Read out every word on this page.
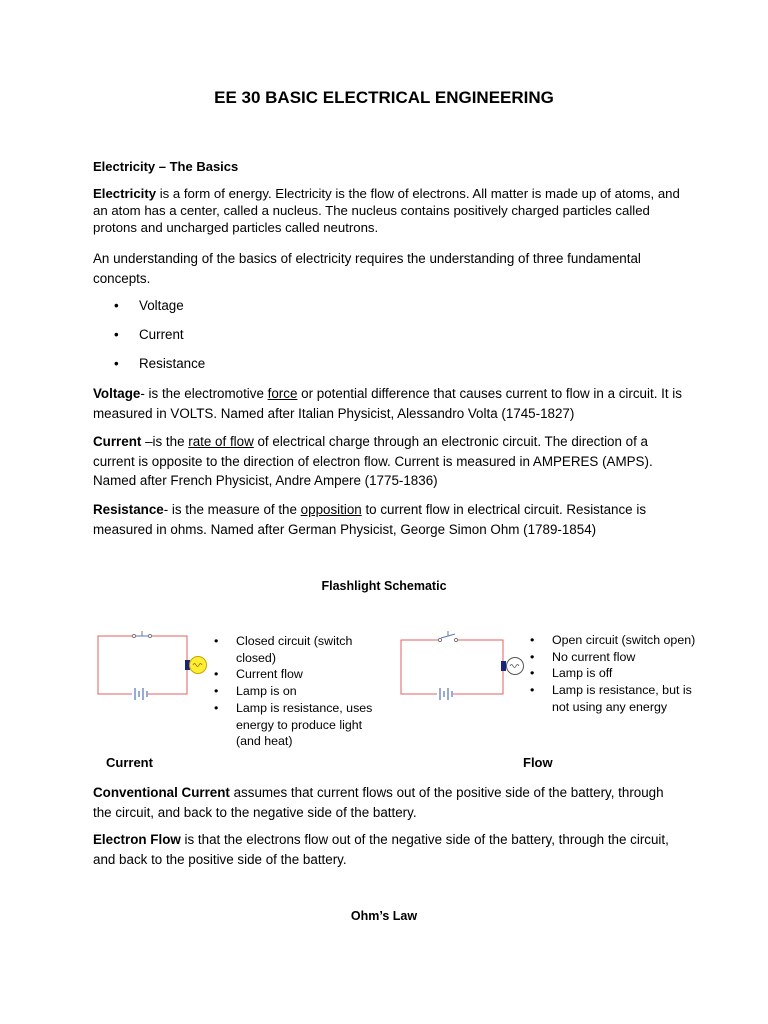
EE 30 BASIC ELECTRICAL ENGINEERING
Electricity – The Basics
Electricity is a form of energy. Electricity is the flow of electrons. All matter is made up of atoms, and an atom has a center, called a nucleus. The nucleus contains positively charged particles called protons and uncharged particles called neutrons.
An understanding of the basics of electricity requires the understanding of three fundamental concepts.
• Voltage
• Current
• Resistance
Voltage- is the electromotive force or potential difference that causes current to flow in a circuit. It is measured in VOLTS. Named after Italian Physicist, Alessandro Volta (1745-1827)
Current –is the rate of flow of electrical charge through an electronic circuit. The direction of a current is opposite to the direction of electron flow. Current is measured in AMPERES (AMPS). Named after French Physicist, Andre Ampere (1775-1836)
Resistance- is the measure of the opposition to current flow in electrical circuit. Resistance is measured in ohms. Named after German Physicist, George Simon Ohm (1789-1854)
Flashlight Schematic
• Closed circuit (switch closed)
• Current flow
• Lamp is on
• Lamp is resistance, uses energy to produce light (and heat)
• Open circuit (switch open)
• No current flow
• Lamp is off
• Lamp is resistance, but is not using any energy
Current	Flow
Conventional Current assumes that current flows out of the positive side of the battery, through the circuit, and back to the negative side of the battery.
Electron Flow is that the electrons flow out of the negative side of the battery, through the circuit, and back to the positive side of the battery.
Ohm’s Law
